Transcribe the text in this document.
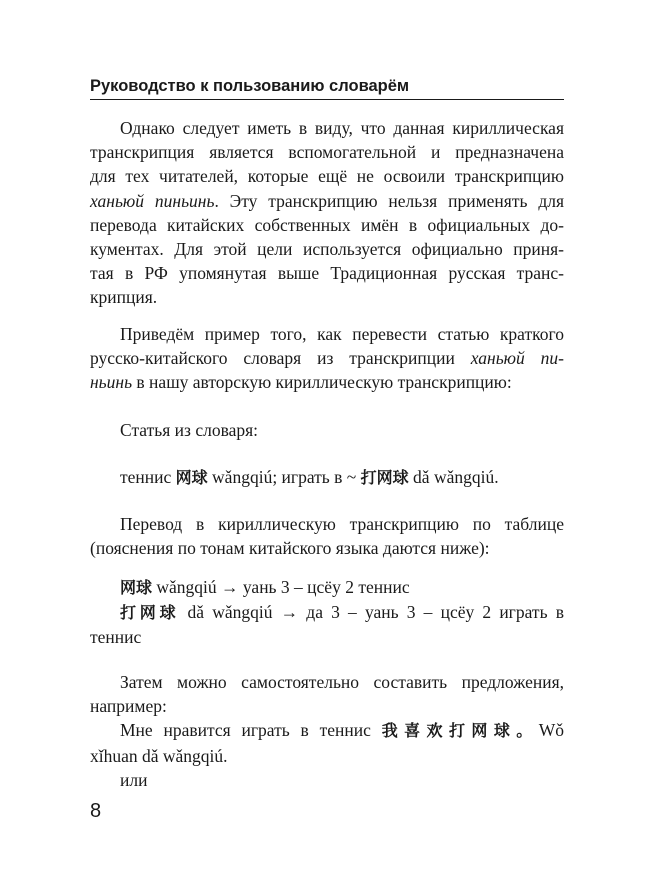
Руководство к пользованию словарём

Однако следует иметь в виду, что данная кириллическая

транскрипция является вспомогательной и предназначена

для тех читателей, которые ещё не освоили транскрипцию

ханьюй пиньинь. Эту транскрипцию нельзя применять для

перевода китайских собственных имён в официальных до-

кументах. Для этой цели используется официально приня-

тая в РФ упомянутая выше Традиционная русская транс-

крипция.

Приведём пример того, как перевести статью краткого

русско-китайского словаря из транскрипции ханьюй пи-

ньинь в нашу авторскую кириллическую транскрипцию:

Статья из словаря:

теннис 网球 wǎngqiú; играть в ~ 打网球 dǎ wǎngqiú.

Перевод в кириллическую транскрипцию по таблице

(пояснения по тонам китайского языка даются ниже):

网球 wǎngqiú → уань 3 – цсёу 2 теннис

打网球 dǎ wǎngqiú → да 3 – уань 3 – цсёу 2 играть в

теннис

Затем можно самостоятельно составить предложения,

например:

Мне нравится играть в теннис 我喜欢打网球。Wǒ

xǐhuan dǎ wǎngqiú.

или

8
